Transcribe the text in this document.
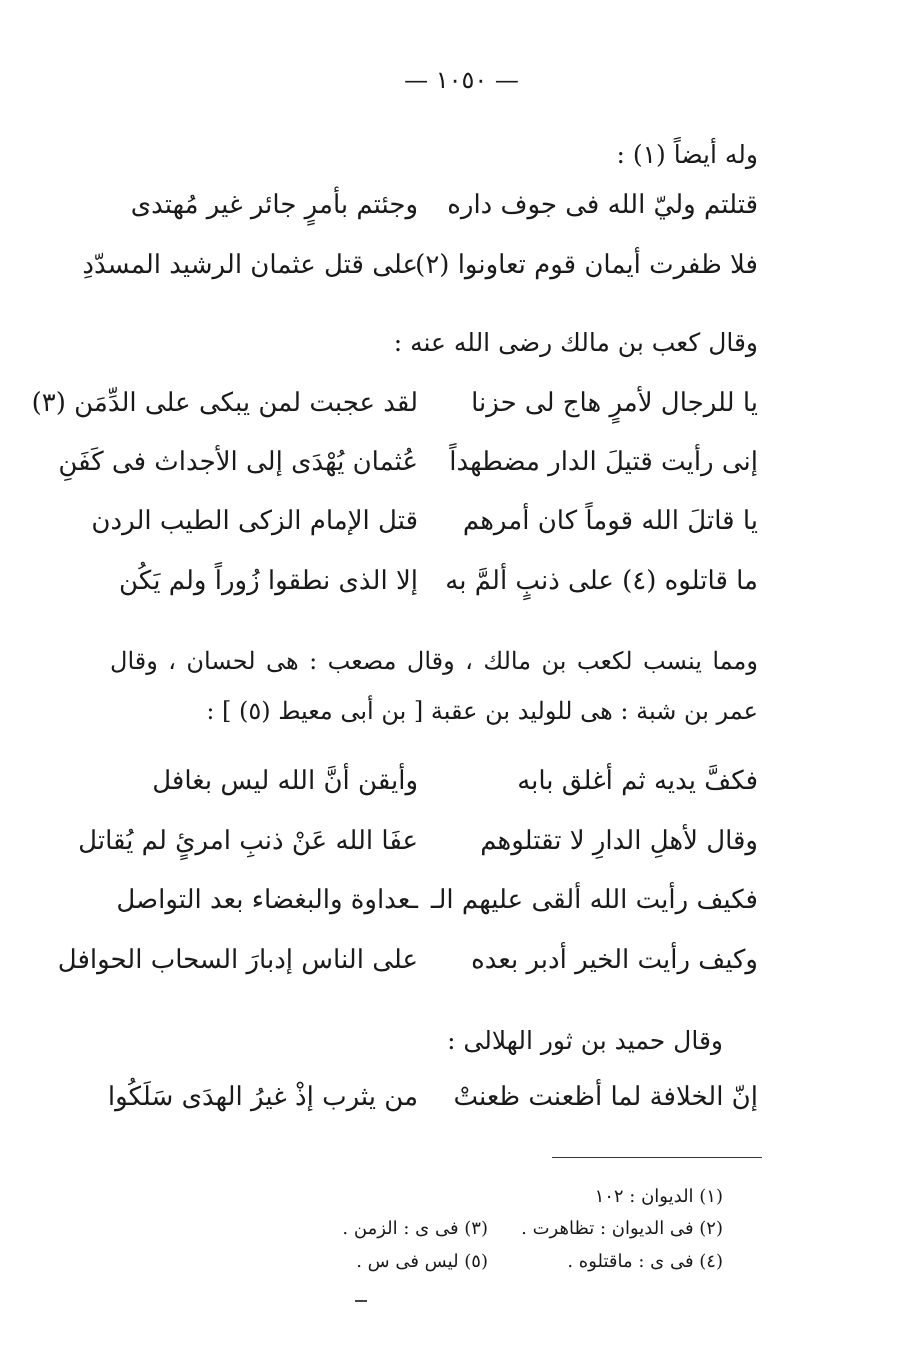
— ١٠٥٠ —
وله أيضاً (١) :
قتلتم وليّ الله فى جوف داره
وجئتم بأمرٍ جائر غير مُهتدى
فلا ظفرت أيمان قوم تعاونوا (٢)
على قتل عثمان الرشيد المسدّدِ
وقال كعب بن مالك رضى الله عنه :
يا للرجال لأمرٍ هاج لى حزنا
لقد عجبت لمن يبكى على الدِّمَن (٣)
إنى رأيت قتيلَ الدار مضطهداً
عُثمان يُهْدَى إلى الأجداث فى كَفَنِ
يا قاتلَ الله قوماً كان أمرهم
قتل الإمام الزكى الطيب الردن
ما قاتلوه (٤) على ذنبٍ ألمَّ به
إلا الذى نطقوا زُوراً ولم يَكُن
ومما ينسب لكعب بن مالك ، وقال مصعب : هى لحسان ، وقال عمر بن شبة : هى للوليد بن عقبة [ بن أبى معيط (٥) ] :
فكفَّ يديه ثم أغلق بابه
وأيقن أنَّ الله ليس بغافل
وقال لأهلِ الدارِ لا تقتلوهم
عفَا الله عَنْ ذنبِ امرئٍ لم يُقاتل
فكيف رأيت الله ألقى عليهم الـ
ـعداوة والبغضاء بعد التواصل
وكيف رأيت الخير أدبر بعده
على الناس إدبارَ السحاب الحوافل
وقال حميد بن ثور الهلالى :
إنّ الخلافة لما أظعنت ظعنتْ
من يثرب إذْ غيرُ الهدَى سَلَكُوا
(١) الديوان : ١٠٢
(٢) فى الديوان : تظاهرت .
(٣) فى ى : الزمن .
(٤) فى ى : ماقتلوه .
(٥) ليس فى س .
